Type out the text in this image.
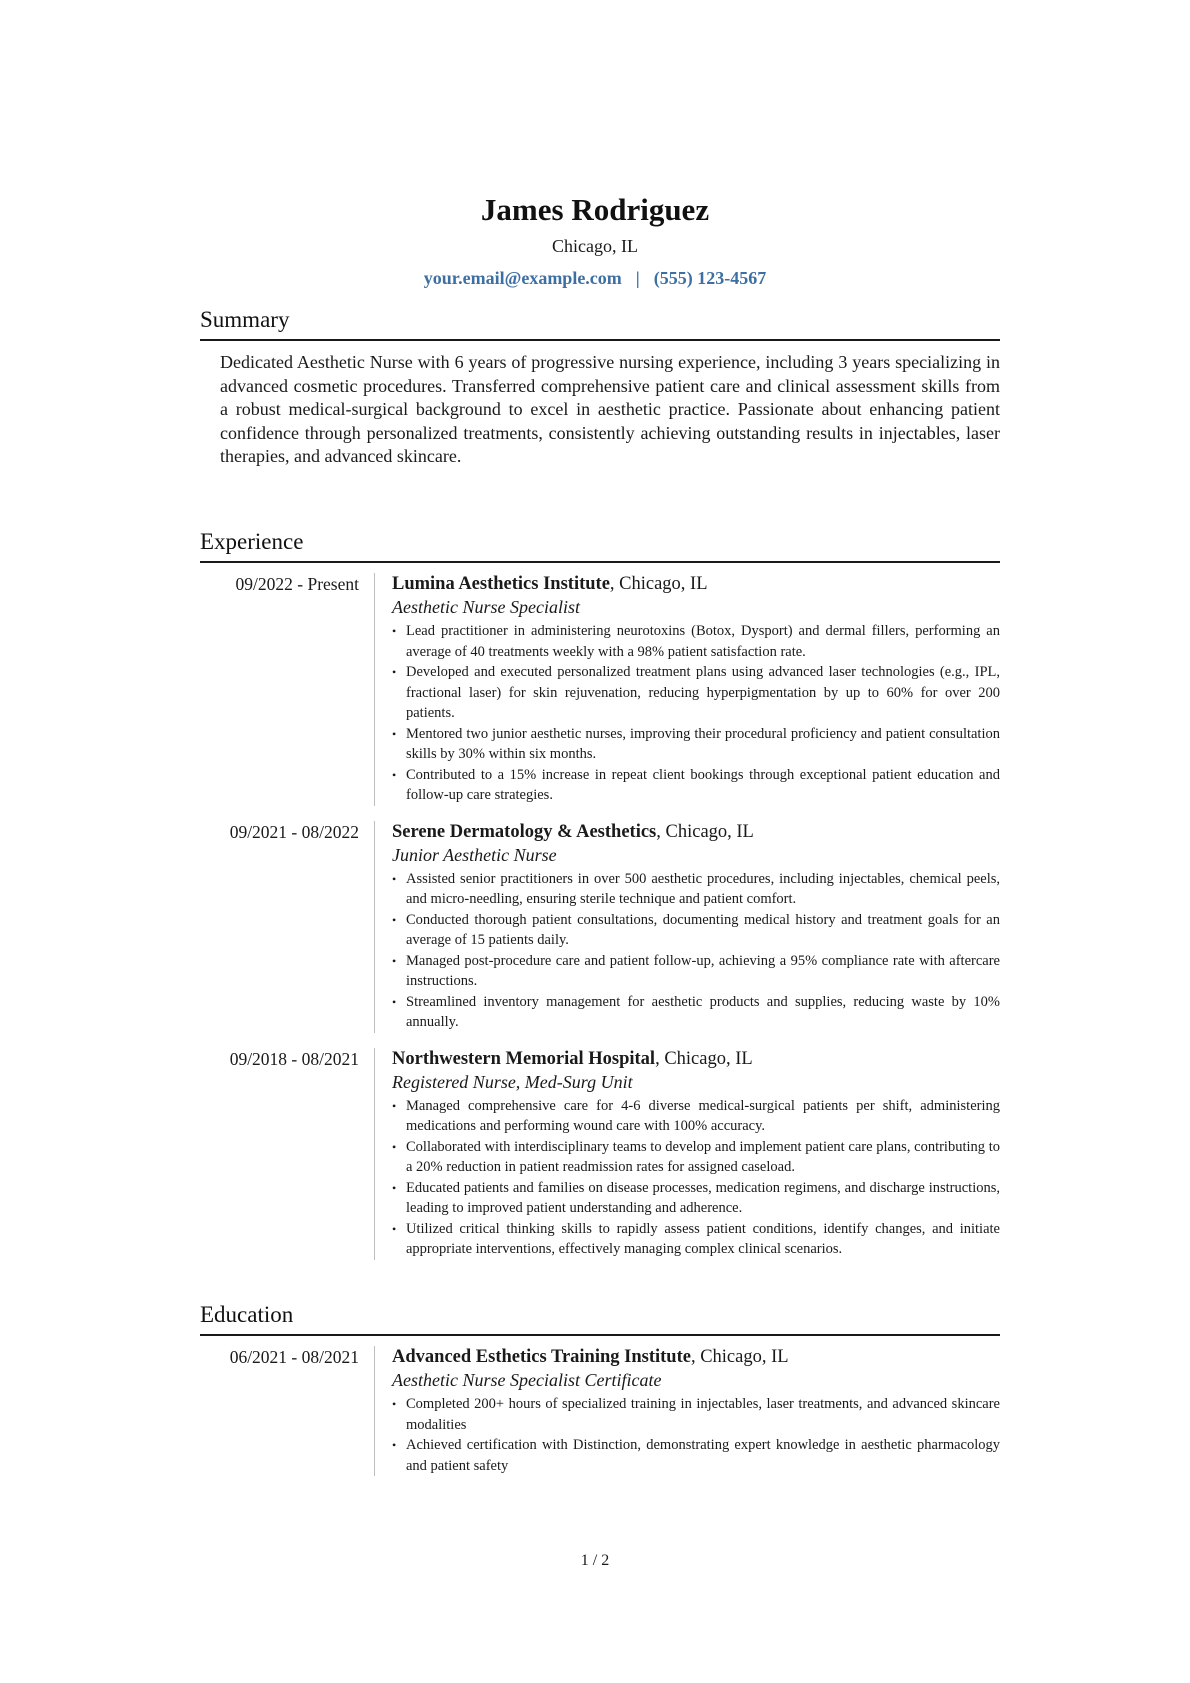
James Rodriguez
Chicago, IL
your.email@example.com | (555) 123-4567
Summary

Dedicated Aesthetic Nurse with 6 years of progressive nursing experience, including 3 years specializing in advanced cosmetic procedures. Transferred comprehensive patient care and clinical assessment skills from a robust medical-surgical background to excel in aesthetic practice. Passionate about enhancing patient confidence through personalized treatments, consistently achieving outstanding results in injectables, laser therapies, and advanced skincare.

Experience
09/2022 - Present	Lumina Aesthetics Institute, Chicago, IL
Aesthetic Nurse Specialist
• Lead practitioner in administering neurotoxins (Botox, Dysport) and dermal fillers, performing an average of 40 treatments weekly with a 98% patient satisfaction rate.
• Developed and executed personalized treatment plans using advanced laser technologies (e.g., IPL, fractional laser) for skin rejuvenation, reducing hyperpigmentation by up to 60% for over 200 patients.
• Mentored two junior aesthetic nurses, improving their procedural proficiency and patient consultation skills by 30% within six months.
• Contributed to a 15% increase in repeat client bookings through exceptional patient education and follow-up care strategies.
09/2021 - 08/2022	Serene Dermatology & Aesthetics, Chicago, IL
Junior Aesthetic Nurse
• Assisted senior practitioners in over 500 aesthetic procedures, including injectables, chemical peels, and micro-needling, ensuring sterile technique and patient comfort.
• Conducted thorough patient consultations, documenting medical history and treatment goals for an average of 15 patients daily.
• Managed post-procedure care and patient follow-up, achieving a 95% compliance rate with aftercare instructions.
• Streamlined inventory management for aesthetic products and supplies, reducing waste by 10% annually.
09/2018 - 08/2021	Northwestern Memorial Hospital, Chicago, IL
Registered Nurse, Med-Surg Unit
• Managed comprehensive care for 4-6 diverse medical-surgical patients per shift, administering medications and performing wound care with 100% accuracy.
• Collaborated with interdisciplinary teams to develop and implement patient care plans, contributing to a 20% reduction in patient readmission rates for assigned caseload.
• Educated patients and families on disease processes, medication regimens, and discharge instructions, leading to improved patient understanding and adherence.
• Utilized critical thinking skills to rapidly assess patient conditions, identify changes, and initiate appropriate interventions, effectively managing complex clinical scenarios.
Education
06/2021 - 08/2021	Advanced Esthetics Training Institute, Chicago, IL
Aesthetic Nurse Specialist Certificate
• Completed 200+ hours of specialized training in injectables, laser treatments, and advanced skincare modalities
• Achieved certification with Distinction, demonstrating expert knowledge in aesthetic pharmacology and patient safety
1 / 2
